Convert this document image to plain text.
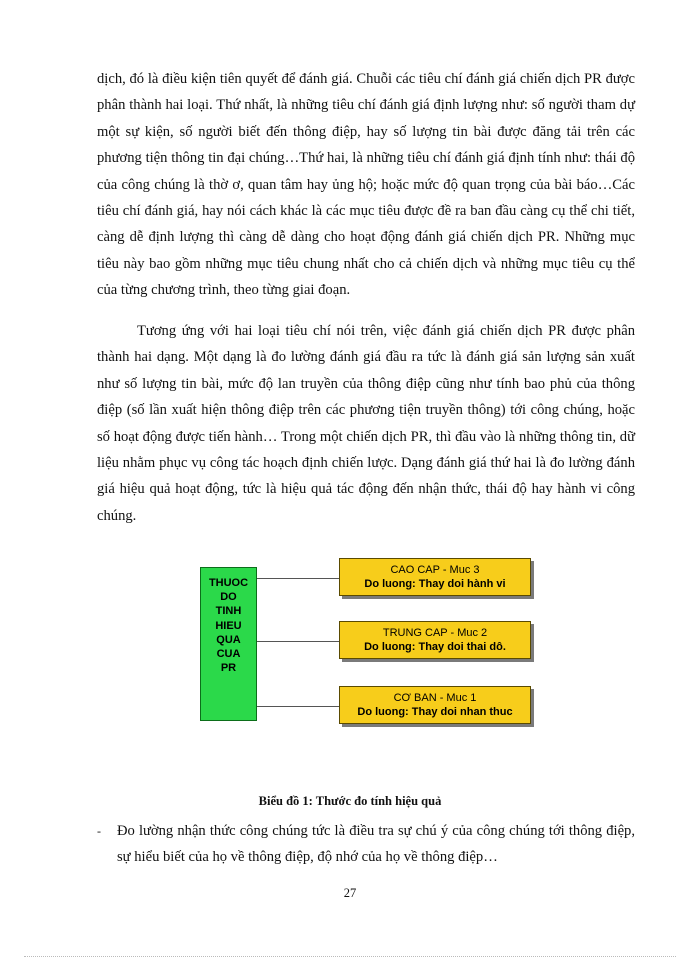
dịch, đó là điều kiện tiên quyết để đánh giá. Chuỗi các tiêu chí đánh giá chiến dịch PR được phân thành hai loại. Thứ nhất, là những tiêu chí đánh giá định lượng như: số người tham dự một sự kiện, số người biết đến thông điệp, hay số lượng tin bài được đăng tải trên các phương tiện thông tin đại chúng…Thứ hai, là những tiêu chí đánh giá định tính như: thái độ của công chúng là thờ ơ, quan tâm hay ủng hộ; hoặc mức độ quan trọng của bài báo…Các tiêu chí đánh giá, hay nói cách khác là các mục tiêu được đề ra ban đầu càng cụ thể chi tiết, càng dễ định lượng thì càng dễ dàng cho hoạt động đánh giá chiến dịch PR. Những mục tiêu này bao gồm những mục tiêu chung nhất cho cả chiến dịch và những mục tiêu cụ thể của từng chương trình, theo từng giai đoạn.

Tương ứng với hai loại tiêu chí nói trên, việc đánh giá chiến dịch PR được phân thành hai dạng. Một dạng là đo lường đánh giá đầu ra tức là đánh giá sản lượng sản xuất như số lượng tin bài, mức độ lan truyền của thông điệp cũng như tính bao phủ của thông điệp (số lần xuất hiện thông điệp trên các phương tiện truyền thông) tới công chúng, hoặc số hoạt động được tiến hành… Trong một chiến dịch PR, thì đầu vào là những thông tin, dữ liệu nhằm phục vụ công tác hoạch định chiến lược. Dạng đánh giá thứ hai là đo lường đánh giá hiệu quả hoạt động, tức là hiệu quả tác động đến nhận thức, thái độ hay hành vi công chúng.

THUOC
DO
TINH
HIEU
QUA
CUA
PR
CAO CAP - Muc 3
Do luong: Thay doi hành vi
TRUNG CAP - Muc 2
Do luong: Thay doi thai dô.
CƠ BAN - Muc 1
Do luong: Thay doi nhan thuc

Biểu đồ 1: Thước đo tính hiệu quả

- Đo lường nhận thức công chúng tức là điều tra sự chú ý của công chúng tới thông điệp, sự hiểu biết của họ về thông điệp, độ nhớ của họ về thông điệp…

27
